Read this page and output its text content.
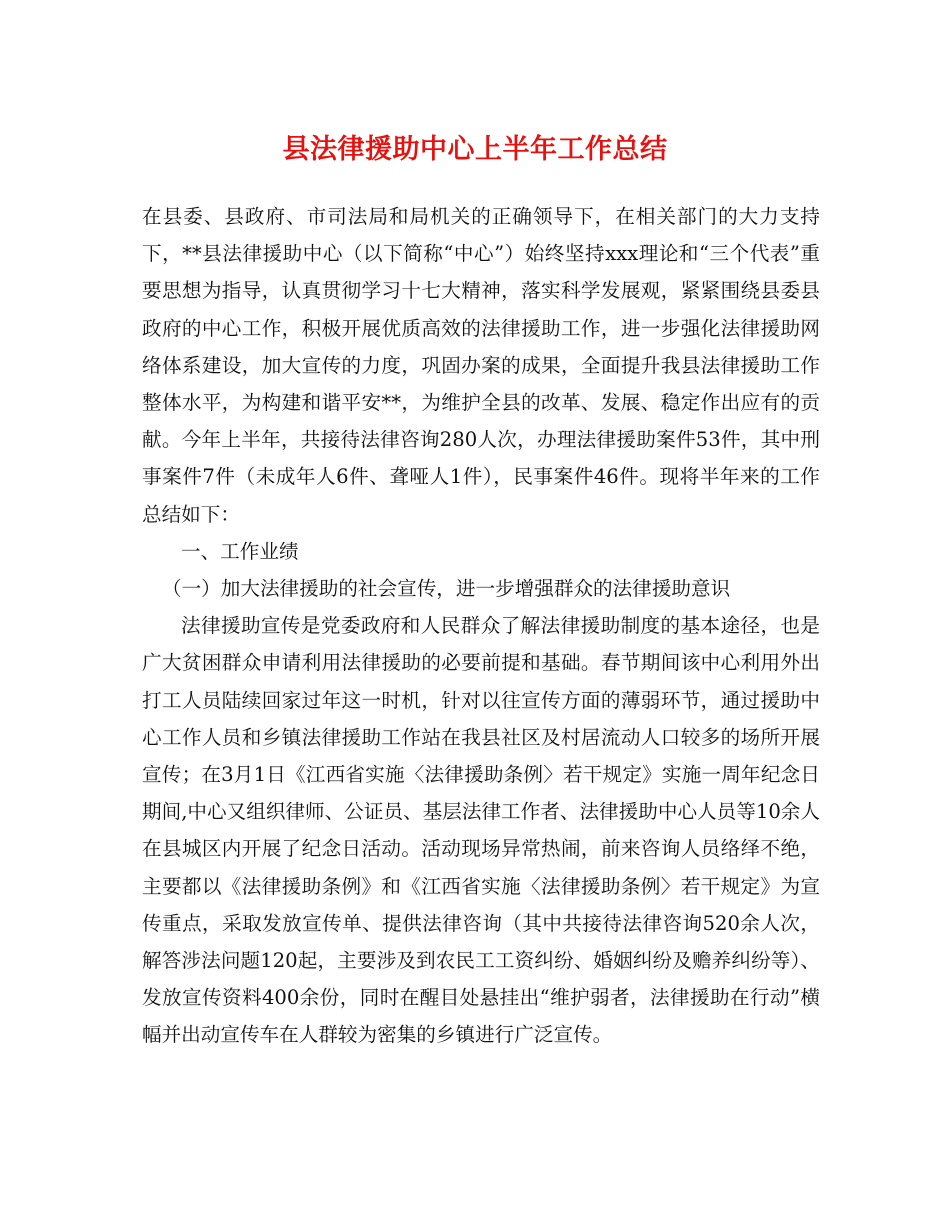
县法律援助中心上半年工作总结

在县委、县政府、市司法局和局机关的正确领导下，在相关部门的大力支持下，**县法律援助中心（以下简称“中心”）始终坚持xxx理论和“三个代表”重要思想为指导，认真贯彻学习十七大精神，落实科学发展观，紧紧围绕县委县政府的中心工作，积极开展优质高效的法律援助工作，进一步强化法律援助网络体系建设，加大宣传的力度，巩固办案的成果，全面提升我县法律援助工作整体水平，为构建和谐平安**，为维护全县的改革、发展、稳定作出应有的贡献。今年上半年，共接待法律咨询280人次，办理法律援助案件53件，其中刑事案件7件（未成年人6件、聋哑人1件），民事案件46件。现将半年来的工作总结如下：

一、工作业绩

（一）加大法律援助的社会宣传，进一步增强群众的法律援助意识

法律援助宣传是党委政府和人民群众了解法律援助制度的基本途径，也是广大贫困群众申请利用法律援助的必要前提和基础。春节期间该中心利用外出打工人员陆续回家过年这一时机，针对以往宣传方面的薄弱环节，通过援助中心工作人员和乡镇法律援助工作站在我县社区及村居流动人口较多的场所开展宣传；在3月1日《江西省实施〈法律援助条例〉若干规定》实施一周年纪念日期间,中心又组织律师、公证员、基层法律工作者、法律援助中心人员等10余人在县城区内开展了纪念日活动。活动现场异常热闹，前来咨询人员络绎不绝，主要都以《法律援助条例》和《江西省实施〈法律援助条例〉若干规定》为宣传重点，采取发放宣传单、提供法律咨询（其中共接待法律咨询520余人次，解答涉法问题120起，主要涉及到农民工工资纠纷、婚姻纠纷及赡养纠纷等）、发放宣传资料400余份，同时在醒目处悬挂出“维护弱者，法律援助在行动”横幅并出动宣传车在人群较为密集的乡镇进行广泛宣传。
